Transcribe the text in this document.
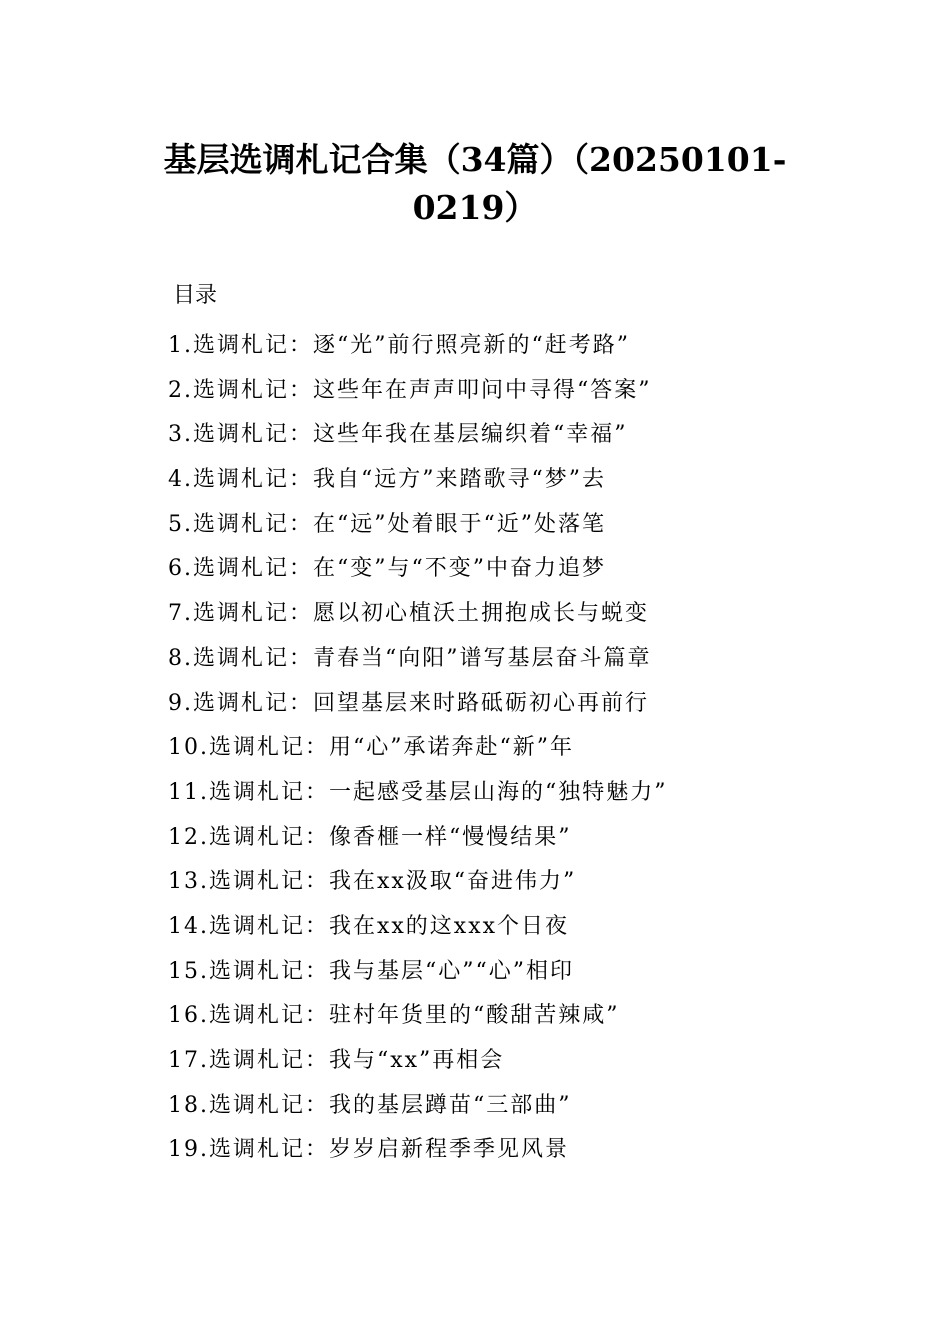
基层选调札记合集（34篇）（20250101-0219）
目录
1.选调札记：逐“光”前行照亮新的“赶考路”
2.选调札记：这些年在声声叩问中寻得“答案”
3.选调札记：这些年我在基层编织着“幸福”
4.选调札记：我自“远方”来踏歌寻“梦”去
5.选调札记：在“远”处着眼于“近”处落笔
6.选调札记：在“变”与“不变”中奋力追梦
7.选调札记：愿以初心植沃土拥抱成长与蜕变
8.选调札记：青春当“向阳”谱写基层奋斗篇章
9.选调札记：回望基层来时路砥砺初心再前行
10.选调札记：用“心”承诺奔赴“新”年
11.选调札记：一起感受基层山海的“独特魅力”
12.选调札记：像香榧一样“慢慢结果”
13.选调札记：我在xx汲取“奋进伟力”
14.选调札记：我在xx的这xxx个日夜
15.选调札记：我与基层“心”“心”相印
16.选调札记：驻村年货里的“酸甜苦辣咸”
17.选调札记：我与“xx”再相会
18.选调札记：我的基层蹲苗“三部曲”
19.选调札记：岁岁启新程季季见风景
